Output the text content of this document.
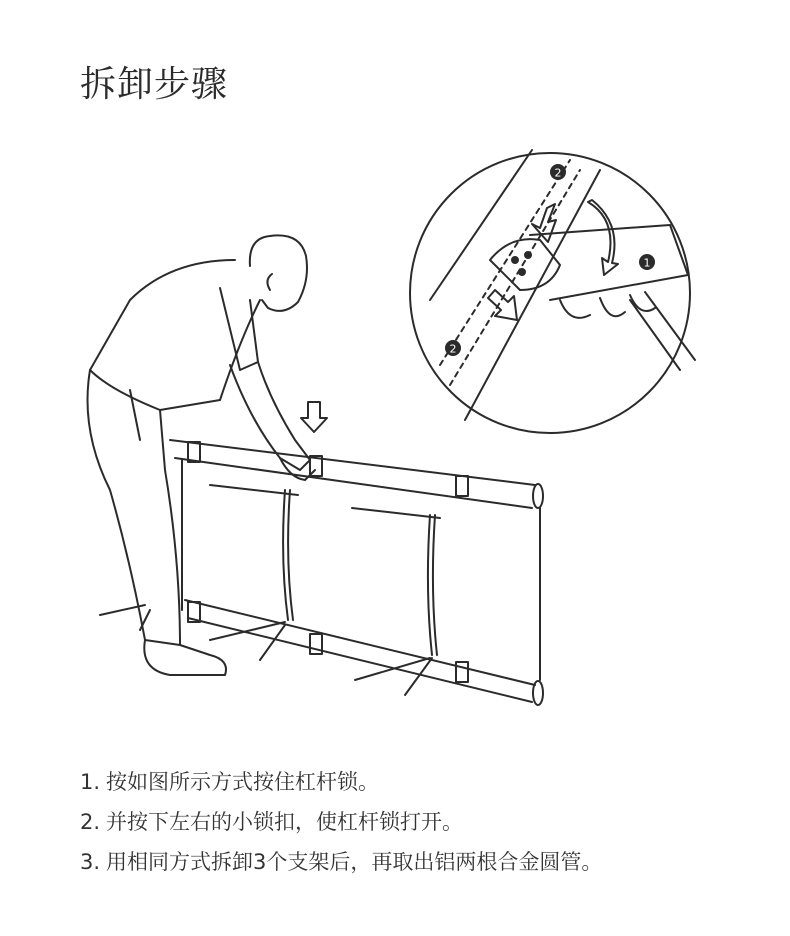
拆卸步骤
2
1
2
1. 按如图所示方式按住杠杆锁。
2. 并按下左右的小锁扣，使杠杆锁打开。
3. 用相同方式拆卸3个支架后，再取出铝两根合金圆管。
